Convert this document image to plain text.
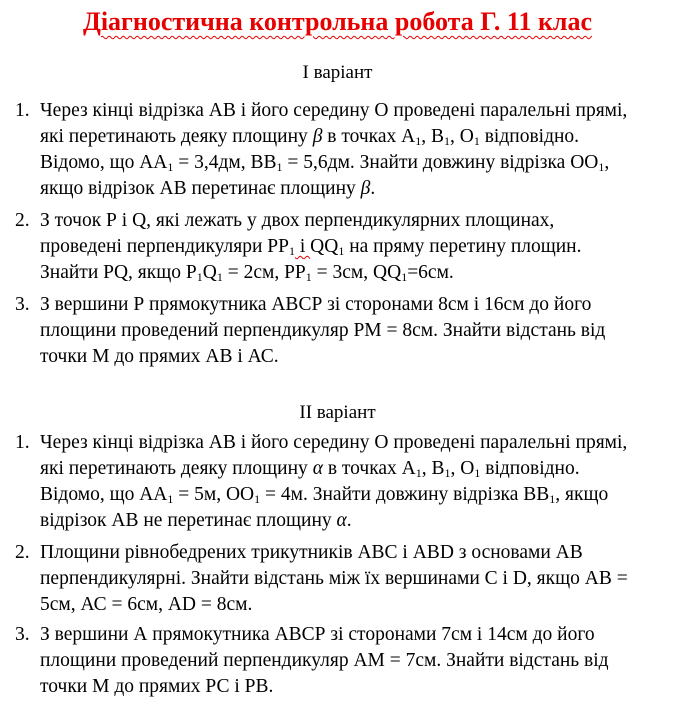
Діагностична контрольна робота Г. 11 клас
І варіант
1. Через кінці відрізка АВ і його середину О проведені паралельні прямі,
які перетинають деяку площину β в точках $А_1$, $В_1$, $О_1$ відповідно.
Відомо, що $АА_1 = 3,4дм$, $ВВ_1 = 5,6дм$. Знайти довжину відрізка $ОО_1$,
якщо відрізок АВ перетинає площину β.
2. З точок Р і Q, які лежать у двох перпендикулярних площинах,
проведені перпендикуляри $РР_1$ і $QQ_1$ на пряму перетину площин.
Знайти РQ, якщо $Р_1Q_1 = 2см$, $РР_1 = 3см$, $QQ_1=6см$.
3. З вершини Р прямокутника АВСР зі сторонами 8см і 16см до його
площини проведений перпендикуляр РМ = 8см. Знайти відстань від
точки М до прямих АВ і АС.
ІІ варіант
1. Через кінці відрізка АВ і його середину О проведені паралельні прямі,
які перетинають деяку площину α в точках $А_1$, $В_1$, $О_1$ відповідно.
Відомо, що $АА_1 = 5м$, $ОО_1 = 4м$. Знайти довжину відрізка $ВВ_1$, якщо
відрізок АВ не перетинає площину α.
2. Площини рівнобедрених трикутників АВС і АВD з основами АВ
перпендикулярні. Знайти відстань між їх вершинами С і D, якщо АВ =
5см, АС = 6см, АD = 8см.
3. З вершини А прямокутника АВСР зі сторонами 7см і 14см до його
площини проведений перпендикуляр АМ = 7см. Знайти відстань від
точки М до прямих РС і РВ.
